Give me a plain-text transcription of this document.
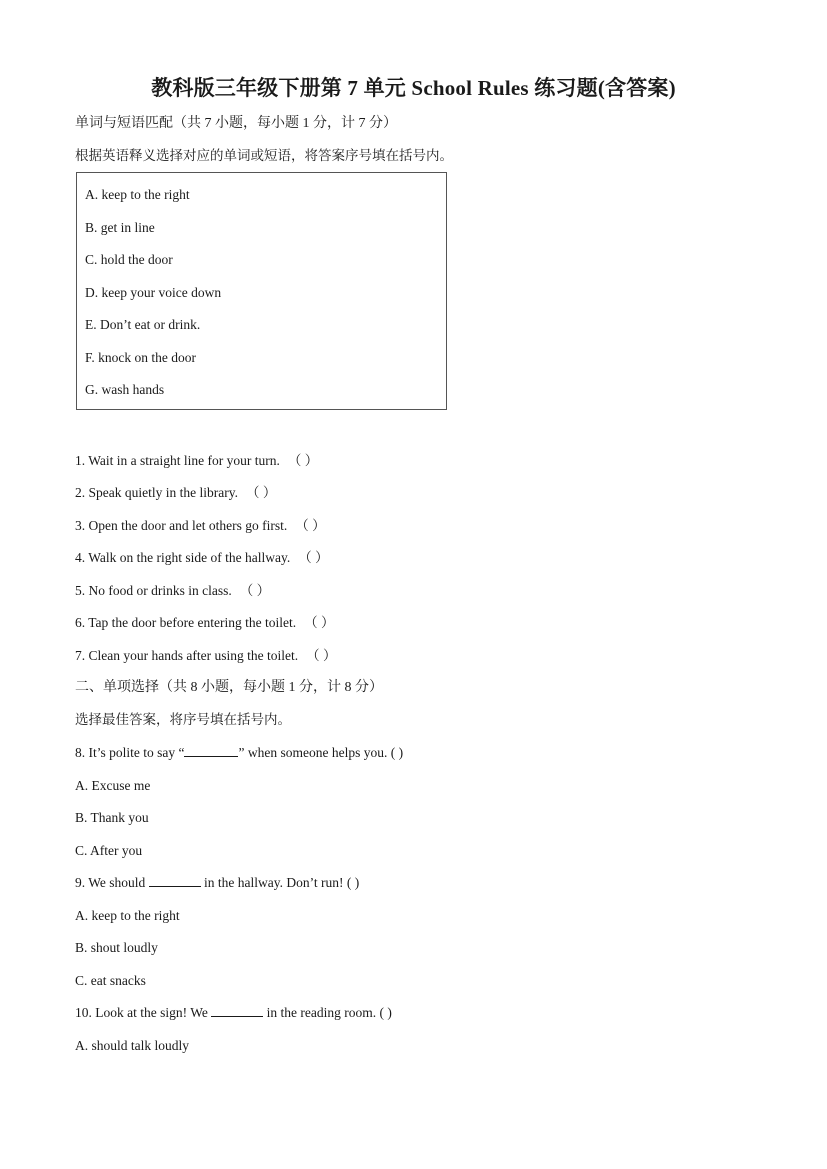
教科版三年级下册第 7 单元 School Rules 练习题(含答案)
单词与短语匹配（共 7 小题，每小题 1 分，计 7 分）
根据英语释义选择对应的单词或短语，将答案序号填在括号内。
A. keep to the right
B. get in line
C. hold the door
D. keep your voice down
E. Don’t eat or drink.
F. knock on the door
G. wash hands
1. Wait in a straight line for your turn. （ ）
2. Speak quietly in the library. （ ）
3. Open the door and let others go first. （ ）
4. Walk on the right side of the hallway. （ ）
5. No food or drinks in class. （ ）
6. Tap the door before entering the toilet. （ ）
7. Clean your hands after using the toilet. （ ）
二、单项选择（共 8 小题，每小题 1 分，计 8 分）
选择最佳答案，将序号填在括号内。
8. It’s polite to say “	” when someone helps you. ( )
A. Excuse me
B. Thank you
C. After you
9. We should	in the hallway. Don’t run! ( )
A. keep to the right
B. shout loudly
C. eat snacks
10. Look at the sign! We	in the reading room. ( )
A. should talk loudly
